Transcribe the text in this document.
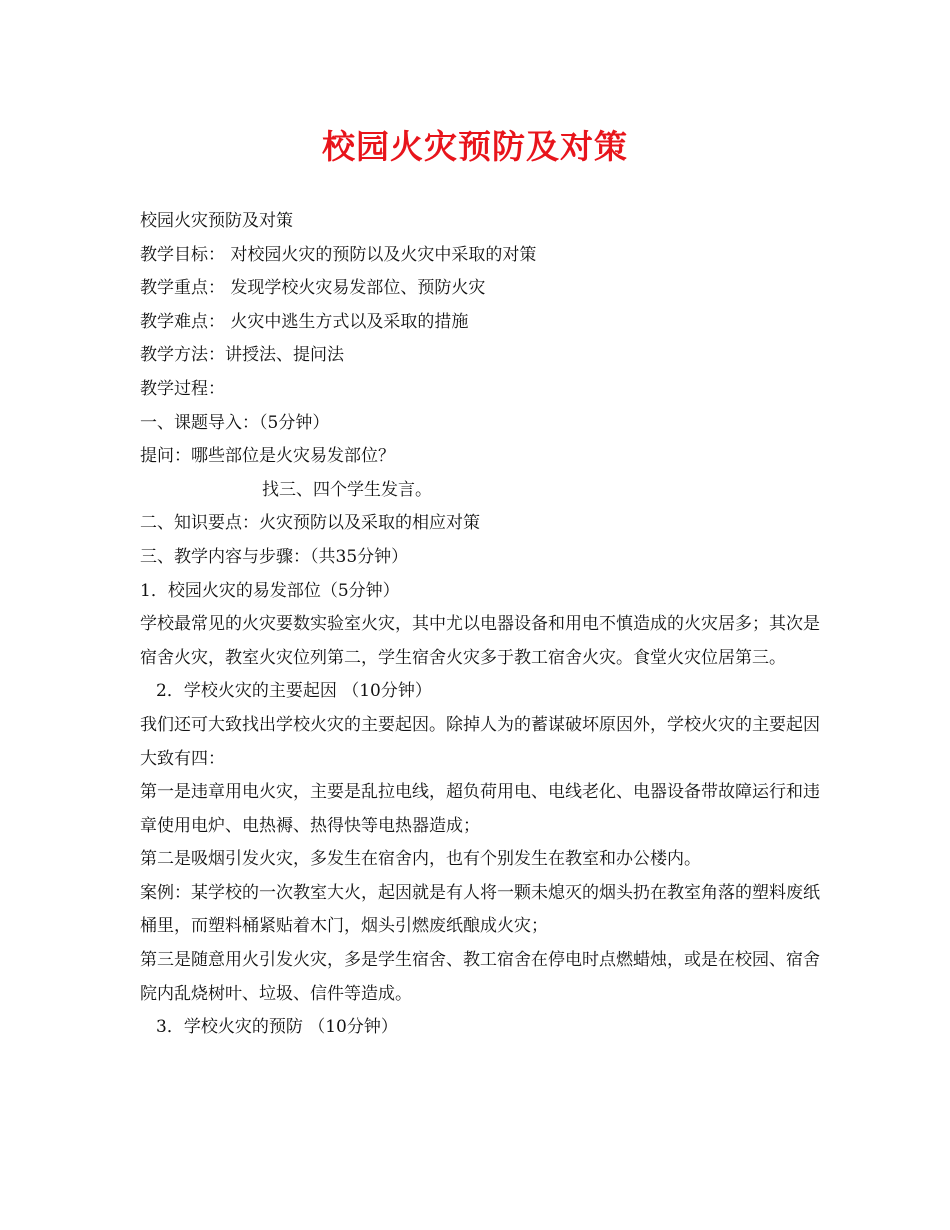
校园火灾预防及对策

校园火灾预防及对策

教学目标： 对校园火灾的预防以及火灾中采取的对策

教学重点： 发现学校火灾易发部位、预防火灾

教学难点： 火灾中逃生方式以及采取的措施

教学方法：讲授法、提问法

教学过程：

一、课题导入：（5分钟）

提问：哪些部位是火灾易发部位？

找三、四个学生发言。

二、知识要点：火灾预防以及采取的相应对策

三、教学内容与步骤：（共35分钟）

1．校园火灾的易发部位（5分钟）

学校最常见的火灾要数实验室火灾，其中尤以电器设备和用电不慎造成的火灾居多；其次是宿舍火灾，教室火灾位列第二，学生宿舍火灾多于教工宿舍火灾。食堂火灾位居第三。

2．学校火灾的主要起因 （10分钟）

我们还可大致找出学校火灾的主要起因。除掉人为的蓄谋破坏原因外，学校火灾的主要起因大致有四：

第一是违章用电火灾，主要是乱拉电线，超负荷用电、电线老化、电器设备带故障运行和违章使用电炉、电热褥、热得快等电热器造成；

第二是吸烟引发火灾，多发生在宿舍内，也有个别发生在教室和办公楼内。

案例：某学校的一次教室大火，起因就是有人将一颗未熄灭的烟头扔在教室角落的塑料废纸桶里，而塑料桶紧贴着木门，烟头引燃废纸酿成火灾；

第三是随意用火引发火灾，多是学生宿舍、教工宿舍在停电时点燃蜡烛，或是在校园、宿舍院内乱烧树叶、垃圾、信件等造成。

3．学校火灾的预防 （10分钟）
